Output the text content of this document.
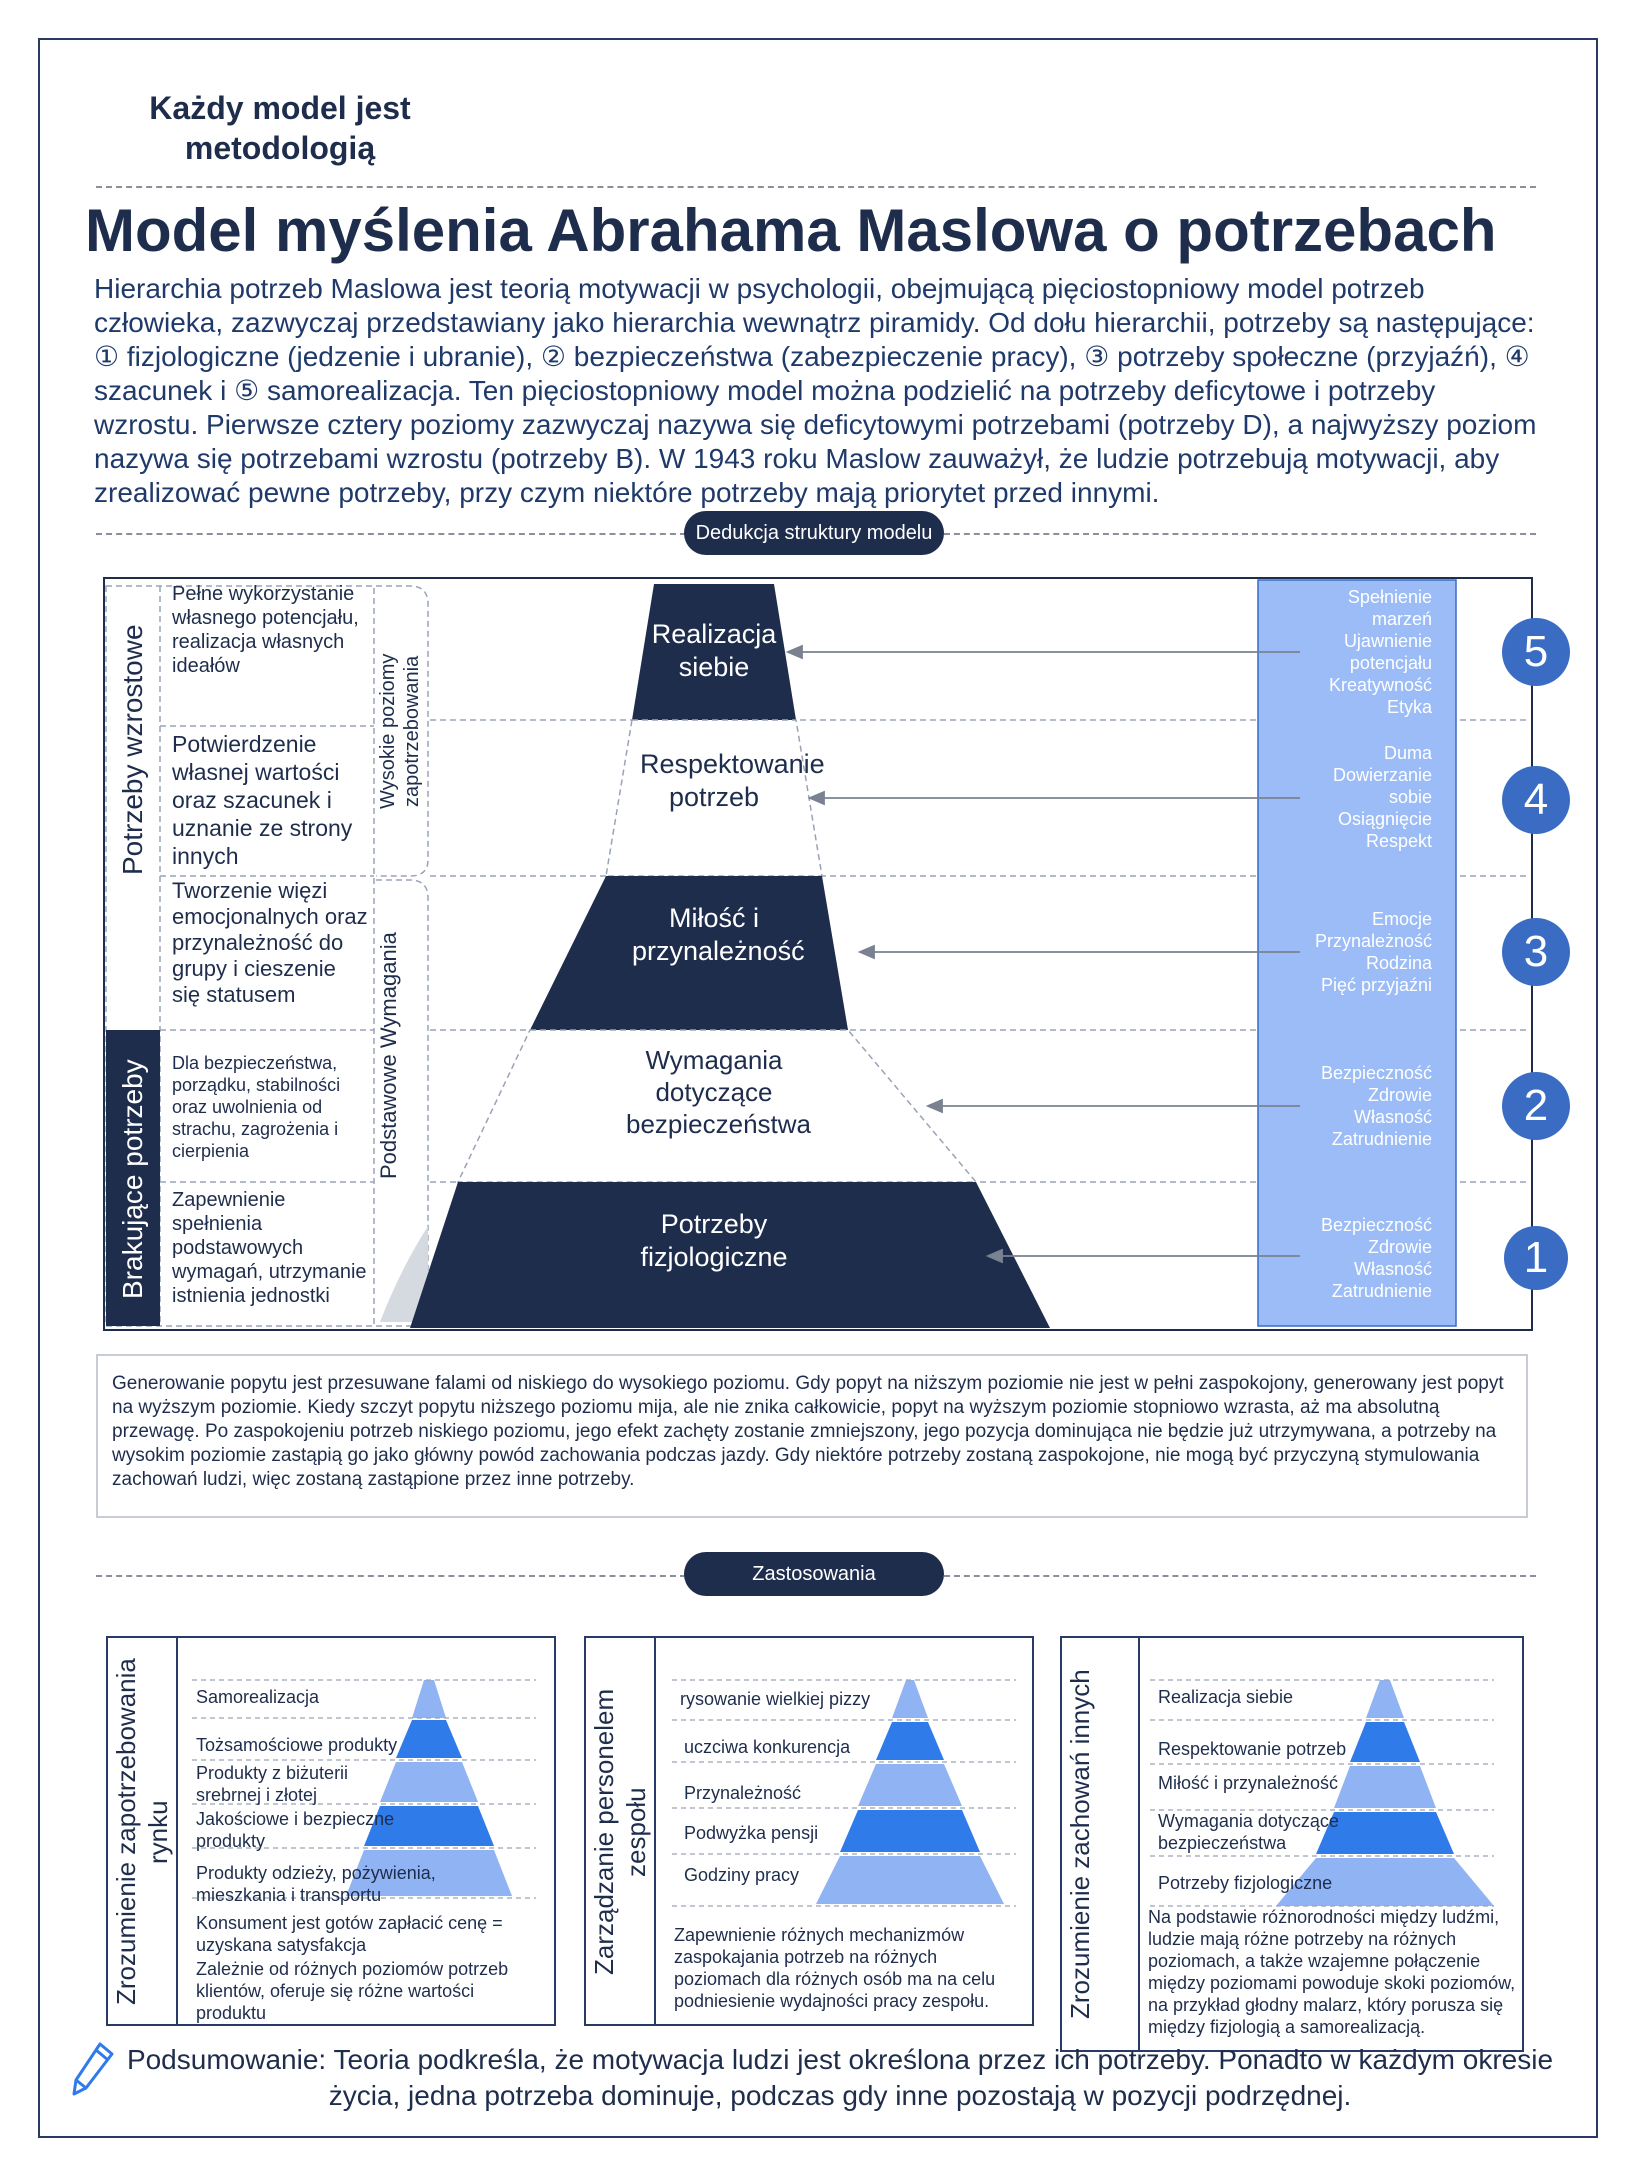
Każdy model jest metodologią
Model myślenia Abrahama Maslowa o potrzebach
Hierarchia potrzeb Maslowa jest teorią motywacji w psychologii, obejmującą pięciostopniowy model potrzeb człowieka, zazwyczaj przedstawiany jako hierarchia wewnątrz piramidy. Od dołu hierarchii, potrzeby są następujące: ① fizjologiczne (jedzenie i ubranie), ② bezpieczeństwa (zabezpieczenie pracy), ③ potrzeby społeczne (przyjaźń), ④ szacunek i ⑤ samorealizacja. Ten pięciostopniowy model można podzielić na potrzeby deficytowe i potrzeby wzrostu. Pierwsze cztery poziomy zazwyczaj nazywa się deficytowymi potrzebami (potrzeby D), a najwyższy poziom nazywa się potrzebami wzrostu (potrzeby B). W 1943 roku Maslow zauważył, że ludzie potrzebują motywacji, aby zrealizować pewne potrzeby, przy czym niektóre potrzeby mają priorytet przed innymi.
Dedukcja struktury modelu
Potrzeby wzrostowe
Brakujące potrzeby
Wysokie poziomy zapotrzebowania
Podstawowe Wymagania
Pełne wykorzystanie własnego potencjału, realizacja własnych ideałów
Potwierdzenie własnej wartości oraz szacunek i uznanie ze strony innych
Tworzenie więzi emocjonalnych oraz przynależność do grupy i cieszenie się statusem
Dla bezpieczeństwa, porządku, stabilności oraz uwolnienia od strachu, zagrożenia i cierpienia
Zapewnienie spełnienia podstawowych wymagań, utrzymanie istnienia jednostki
Realizacja siebie
Respektowanie potrzeb
Miłość i przynależność
Wymagania dotyczące bezpieczeństwa
Potrzeby fizjologiczne
Spełnienie marzeń
Ujawnienie potencjału
Kreatywność
Etyka
Duma
Dowierzanie sobie
Osiągnięcie
Respekt
Emocje
Przynależność
Rodzina
Pięć przyjaźni
Bezpieczność
Zdrowie
Własność
Zatrudnienie
Bezpieczność
Zdrowie
Własność
Zatrudnienie
5
4
3
2
1
Generowanie popytu jest przesuwane falami od niskiego do wysokiego poziomu. Gdy popyt na niższym poziomie nie jest w pełni zaspokojony, generowany jest popyt na wyższym poziomie. Kiedy szczyt popytu niższego poziomu mija, ale nie znika całkowicie, popyt na wyższym poziomie stopniowo wzrasta, aż ma absolutną przewagę. Po zaspokojeniu potrzeb niskiego poziomu, jego efekt zachęty zostanie zmniejszony, jego pozycja dominująca nie będzie już utrzymywana, a potrzeby na wysokim poziomie zastąpią go jako główny powód zachowania podczas jazdy. Gdy niektóre potrzeby zostaną zaspokojone, nie mogą być przyczyną stymulowania zachowań ludzi, więc zostaną zastąpione przez inne potrzeby.
Zastosowania
Zrozumienie zapotrzebowania rynku
Samorealizacja
Tożsamościowe produkty
Produkty z biżuterii srebrnej i złotej
Jakościowe i bezpieczne produkty
Produkty odzieży, pożywienia, mieszkania i transportu
Konsument jest gotów zapłacić cenę = uzyskana satysfakcja
Zależnie od różnych poziomów potrzeb klientów, oferuje się różne wartości produktu
Zarządzanie personelem zespołu
rysowanie wielkiej pizzy
uczciwa konkurencja
Przynależność
Podwyżka pensji
Godziny pracy
Zapewnienie różnych mechanizmów zaspokajania potrzeb na różnych poziomach dla różnych osób ma na celu podniesienie wydajności pracy zespołu.	Zrozumienie zachowań innych	Realizacja siebie
Respektowanie potrzeb
Miłość i przynależność
Wymagania dotyczące bezpieczeństwa
Potrzeby fizjologiczne
Na podstawie różnorodności między ludźmi, ludzie mają różne potrzeby na różnych poziomach, a także wzajemne połączenie między poziomami powoduje skoki poziomów, na przykład głodny malarz, który porusza się między fizjologią a samorealizacją.
Podsumowanie: Teoria podkreśla, że motywacja ludzi jest określona przez ich potrzeby. Ponadto w każdym okresie życia, jedna potrzeba dominuje, podczas gdy inne pozostają w pozycji podrzędnej.
